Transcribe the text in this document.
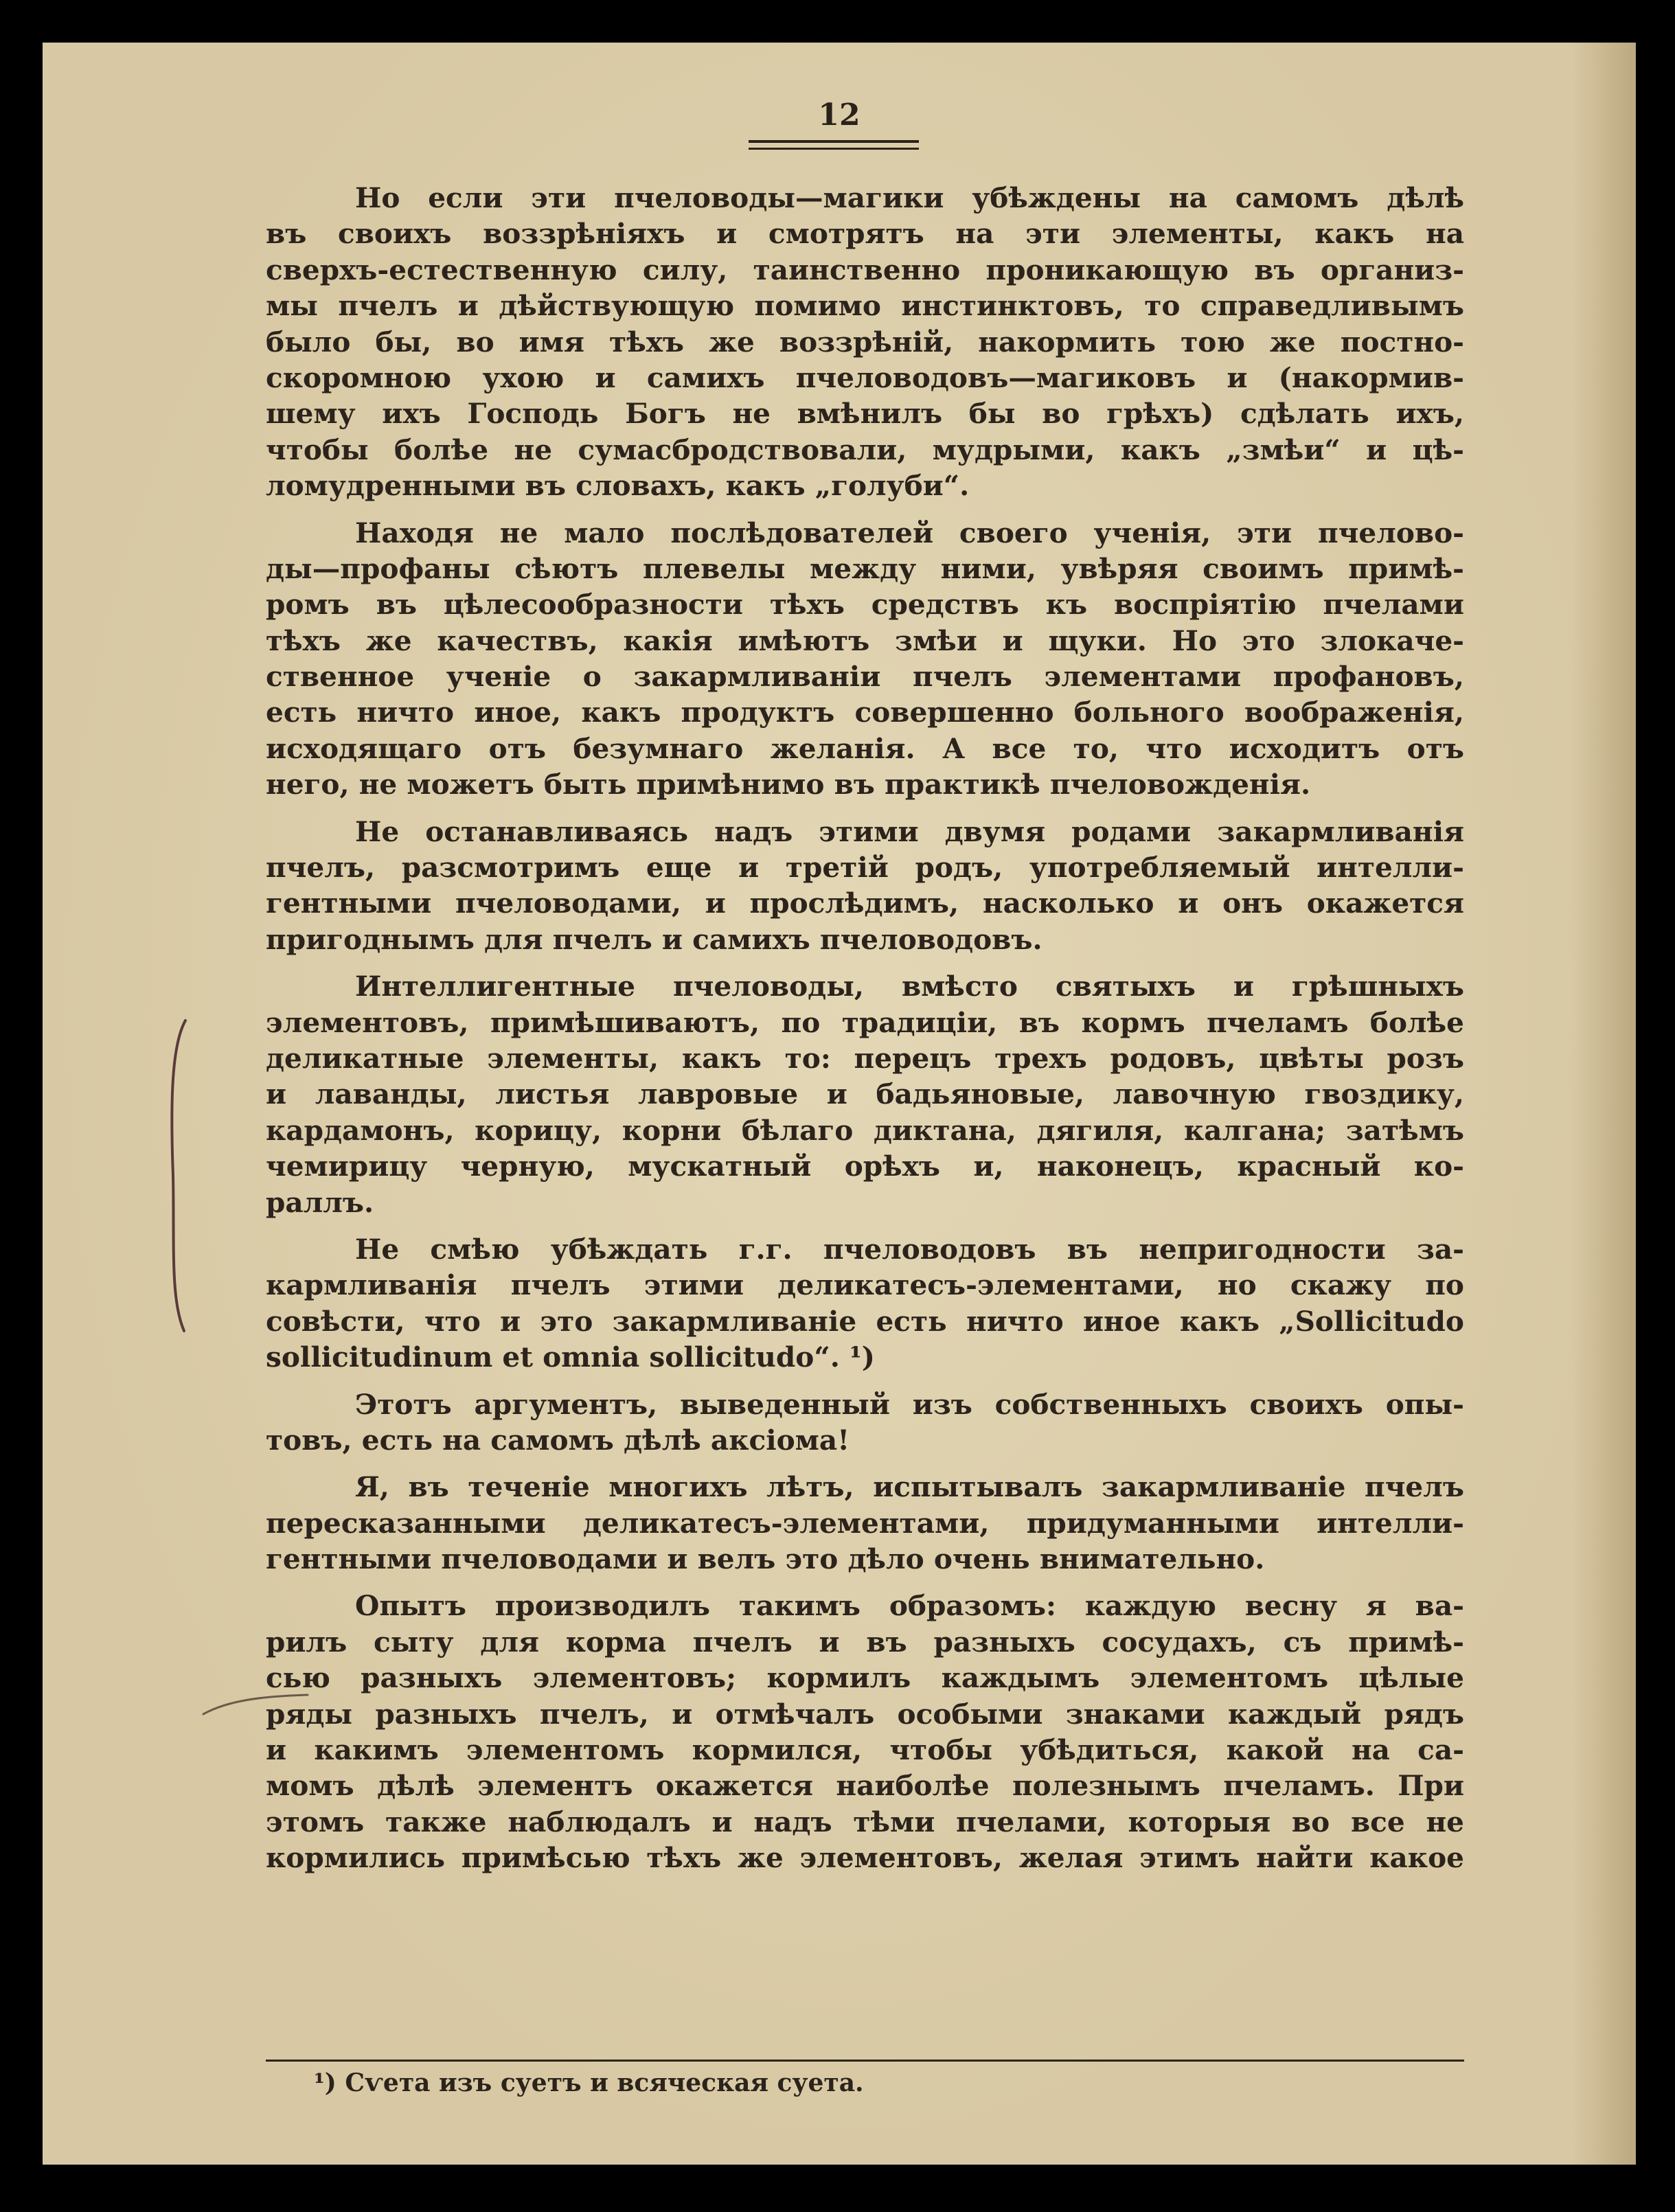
12
Но если эти пчеловоды—магики убѣждены на самомъ дѣлѣ
въ своихъ воззрѣніяхъ и смотрятъ на эти элементы, какъ на
сверхъ-естественную силу, таинственно проникающую въ организ-
мы пчелъ и дѣйствующую помимо инстинктовъ, то справедливымъ
было бы, во имя тѣхъ же воззрѣній, накормить тою же постно-
скоромною ухою и самихъ пчеловодовъ—магиковъ и (накормив-
шему ихъ Господь Богъ не вмѣнилъ бы во грѣхъ) сдѣлать ихъ,
чтобы болѣе не сумасбродствовали, мудрыми, какъ „змѣи“ и цѣ-
ломудренными въ словахъ, какъ „голуби“.
Находя не мало послѣдователей своего ученія, эти пчелово-
ды—профаны сѣютъ плевелы между ними, увѣряя своимъ примѣ-
ромъ въ цѣлесообразности тѣхъ средствъ къ воспріятію пчелами
тѣхъ же качествъ, какія имѣютъ змѣи и щуки. Но это злокаче-
ственное ученіе о закармливаніи пчелъ элементами профановъ,
есть ничто иное, какъ продуктъ совершенно больного воображенія,
исходящаго отъ безумнаго желанія. А все то, что исходитъ отъ
него, не можетъ быть примѣнимо въ практикѣ пчеловожденія.
Не останавливаясь надъ этими двумя родами закармливанія
пчелъ, разсмотримъ еще и третій родъ, употребляемый интелли-
гентными пчеловодами, и прослѣдимъ, насколько и онъ окажется
пригоднымъ для пчелъ и самихъ пчеловодовъ.
Интеллигентные пчеловоды, вмѣсто святыхъ и грѣшныхъ
элементовъ, примѣшиваютъ, по традиціи, въ кормъ пчеламъ болѣе
деликатные элементы, какъ то: перецъ трехъ родовъ, цвѣты розъ
и лаванды, листья лавровые и бадьяновые, лавочную гвоздику,
кардамонъ, корицу, корни бѣлаго диктана, дягиля, калгана; затѣмъ
чемирицу черную, мускатный орѣхъ и, наконецъ, красный ко-
раллъ.
Не смѣю убѣждать г.г. пчеловодовъ въ непригодности за-
кармливанія пчелъ этими деликатесъ-элементами, но скажу по
совѣсти, что и это закармливаніе есть ничто иное какъ „Sollicitudo
sollicitudinum et omnia sollicitudo“. ¹)
Этотъ аргументъ, выведенный изъ собственныхъ своихъ опы-
товъ, есть на самомъ дѣлѣ аксіома!
Я, въ теченіе многихъ лѣтъ, испытывалъ закармливаніе пчелъ
пересказанными деликатесъ-элементами, придуманными интелли-
гентными пчеловодами и велъ это дѣло очень внимательно.
Опытъ производилъ такимъ образомъ: каждую весну я ва-
рилъ сыту для корма пчелъ и въ разныхъ сосудахъ, съ примѣ-
сью разныхъ элементовъ; кормилъ каждымъ элементомъ цѣлые
ряды разныхъ пчелъ, и отмѣчалъ особыми знаками каждый рядъ
и какимъ элементомъ кормился, чтобы убѣдиться, какой на са-
момъ дѣлѣ элементъ окажется наиболѣе полезнымъ пчеламъ. При
этомъ также наблюдалъ и надъ тѣми пчелами, которыя во все не
кормились примѣсью тѣхъ же элементовъ, желая этимъ найти какое
¹) Сѵета изъ суетъ и всяческая суета.
